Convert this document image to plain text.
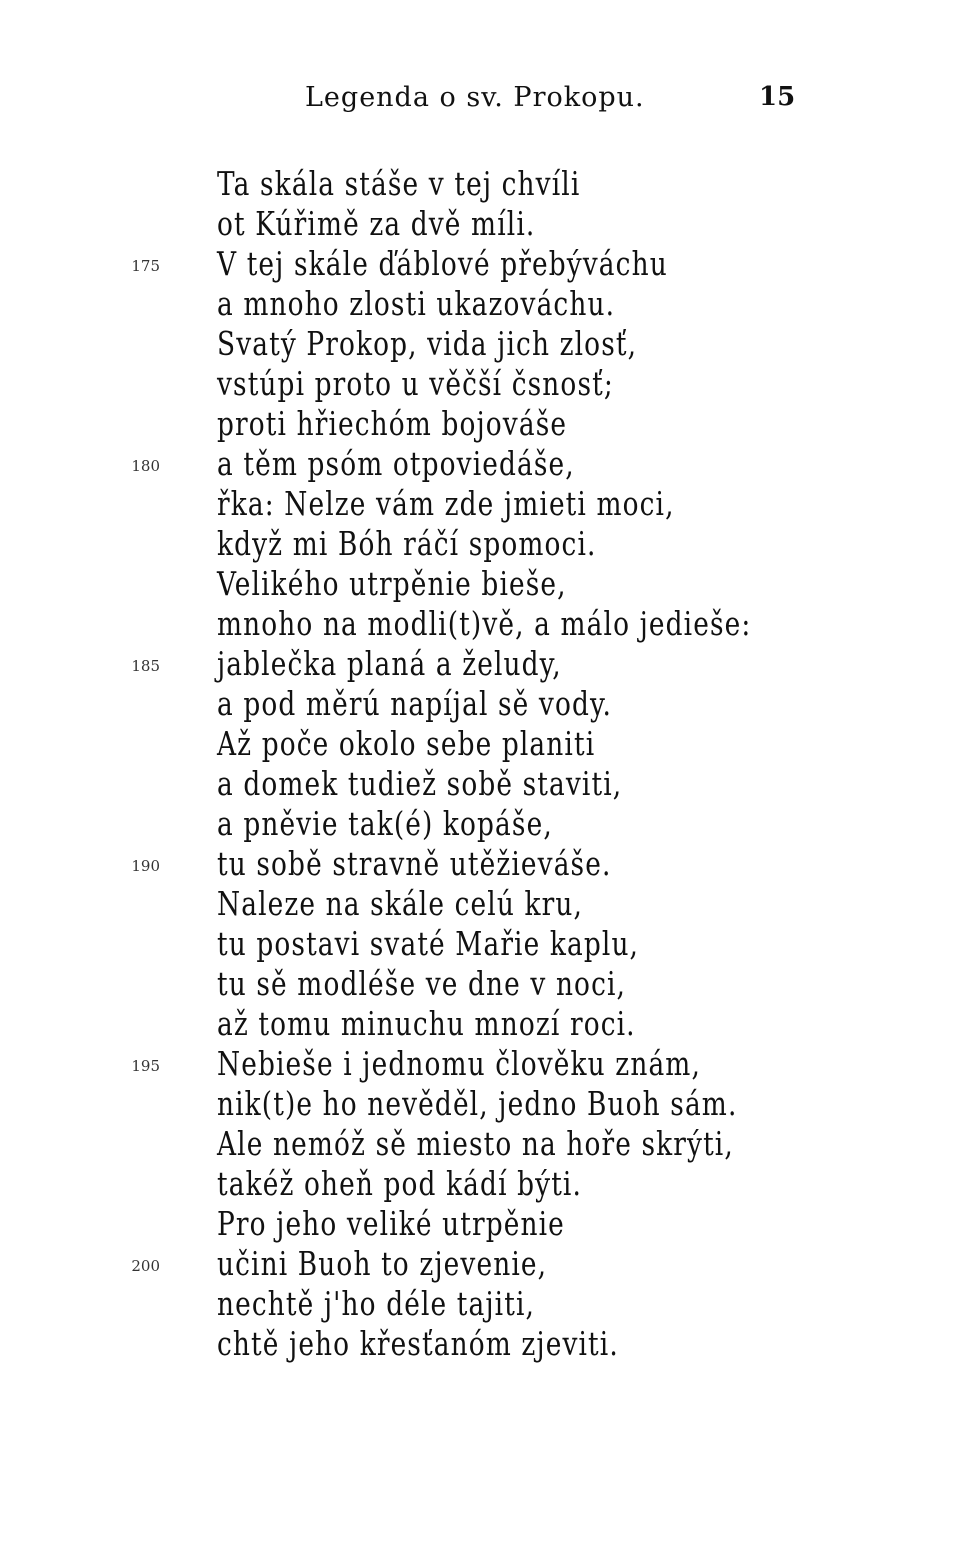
Legenda o sv. Prokopu.	15
Ta skála stáše v tej chvíli
ot Kúřimě za dvě míli.
175 V tej skále ďáblové přebýváchu
a mnoho zlosti ukazováchu.
Svatý Prokop, vida jich zlosť,
vstúpi proto u věčší čsnosť;
proti hřiechóm bojováše
180 a těm psóm otpoviedáše,
řka: Nelze vám zde jmieti moci,
když mi Bóh ráčí spomoci.
Velikého utrpěnie bieše,
mnoho na modli(t)vě, a málo jedieše:
185 jablečka planá a želudy,
a pod měrú napíjal sě vody.
Až poče okolo sebe planiti
a domek tudiež sobě staviti,
a pněvie tak(é) kopáše,
190 tu sobě stravně utěžieváše.
Naleze na skále celú kru,
tu postavi svaté Mařie kaplu,
tu sě modléše ve dne v noci,
až tomu minuchu mnozí roci.
195 Nebieše i jednomu člověku znám,
nik(t)e ho nevěděl, jedno Buoh sám.
Ale nemóž sě miesto na hoře skrýti,
takéž oheň pod kádí býti.
Pro jeho veliké utrpěnie
200 učini Buoh to zjevenie,
nechtě j'ho déle tajiti,
chtě jeho křesťanóm zjeviti.
